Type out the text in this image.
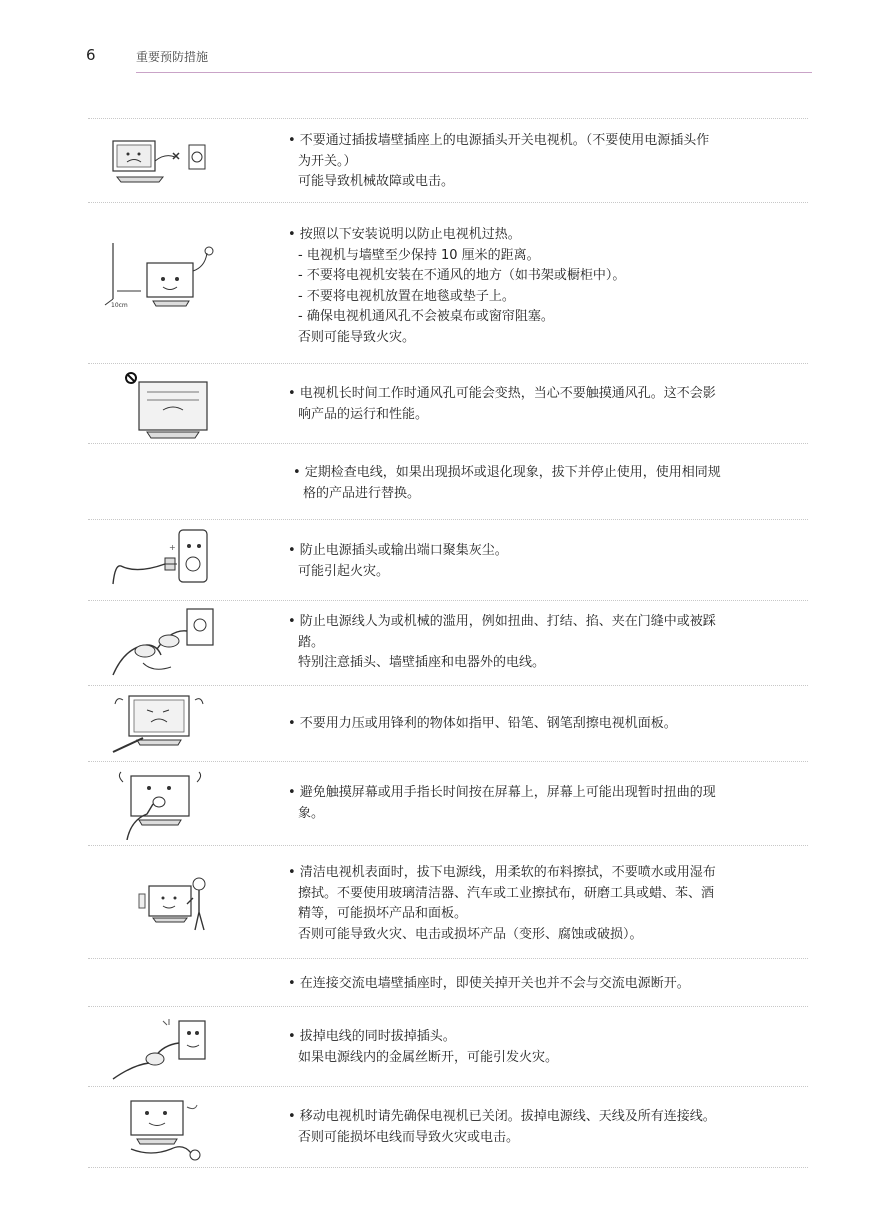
6	重要预防措施
• 不要通过插拔墙壁插座上的电源插头开关电视机。（不要使用电源插头作
为开关。）
可能导致机械故障或电击。
10cm
• 按照以下安装说明以防止电视机过热。
- 电视机与墙壁至少保持 10 厘米的距离。
- 不要将电视机安装在不通风的地方（如书架或橱柜中）。
- 不要将电视机放置在地毯或垫子上。
- 确保电视机通风孔不会被桌布或窗帘阻塞。
否则可能导致火灾。
• 电视机长时间工作时通风孔可能会变热，当心不要触摸通风孔。这不会影
响产品的运行和性能。
• 定期检查电线，如果出现损坏或退化现象，拔下并停止使用，使用相同规
格的产品进行替换。
+	• 防止电源插头或输出端口聚集灰尘。
可能引起火灾。
• 防止电源线人为或机械的滥用，例如扭曲、打结、掐、夹在门缝中或被踩
踏。
特别注意插头、墙壁插座和电器外的电线。
• 不要用力压或用锋利的物体如指甲、铅笔、钢笔刮擦电视机面板。
• 避免触摸屏幕或用手指长时间按在屏幕上，屏幕上可能出现暂时扭曲的现
象。
• 清洁电视机表面时，拔下电源线，用柔软的布料擦拭，不要喷水或用湿布
擦拭。不要使用玻璃清洁器、汽车或工业擦拭布，研磨工具或蜡、苯、酒
精等，可能损坏产品和面板。
否则可能导致火灾、电击或损坏产品（变形、腐蚀或破损）。
• 在连接交流电墙壁插座时，即使关掉开关也并不会与交流电源断开。
• 拔掉电线的同时拔掉插头。
如果电源线内的金属丝断开，可能引发火灾。
• 移动电视机时请先确保电视机已关闭。拔掉电源线、天线及所有连接线。
否则可能损坏电线而导致火灾或电击。
